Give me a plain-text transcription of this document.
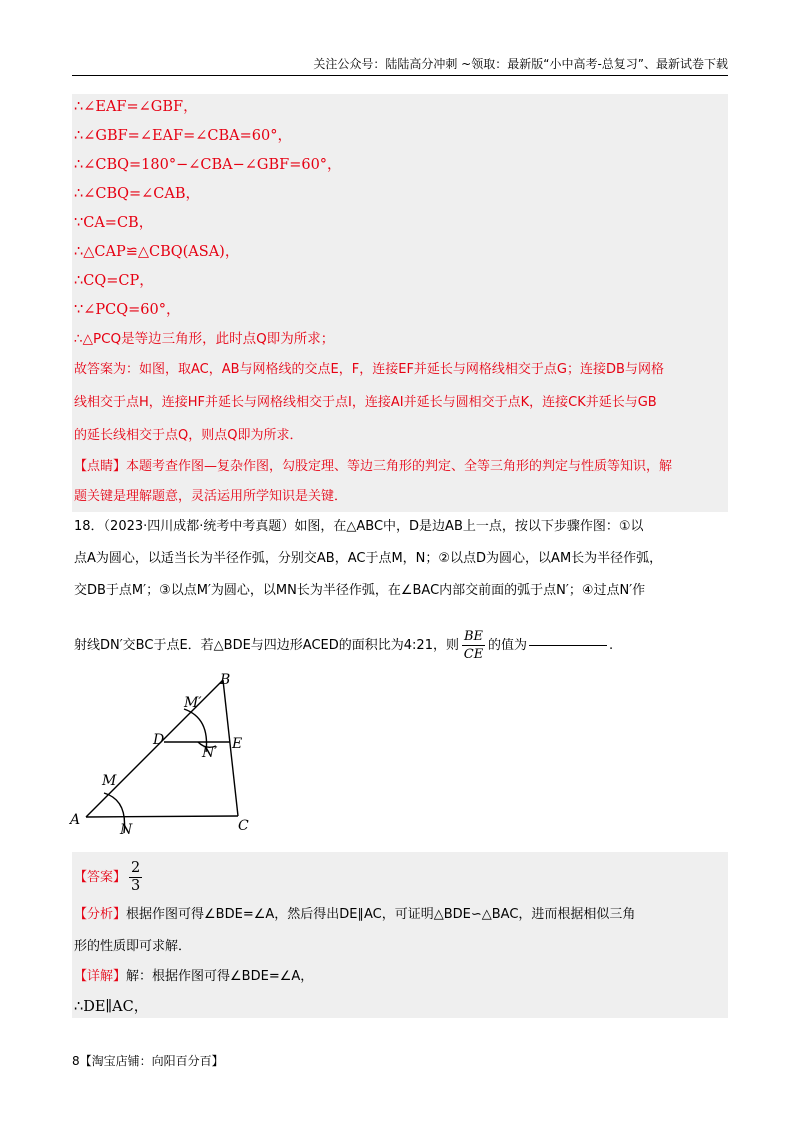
关注公众号：陆陆高分冲刺 ~领取：最新版“小中高考-总复习”、最新试卷下载
∴∠EAF=∠GBF，
∴∠GBF=∠EAF=∠CBA=60°，
∴∠CBQ=180°−∠CBA−∠GBF=60°，
∴∠CBQ=∠CAB，
∵CA=CB，
∴△CAP≌△CBQ(ASA)，
∴CQ=CP，
∵∠PCQ=60°，
∴△PCQ是等边三角形，此时点Q即为所求；
故答案为：如图，取AC，AB与网格线的交点E，F，连接EF并延长与网格线相交于点G；连接DB与网格
线相交于点H，连接HF并延长与网格线相交于点I，连接AI并延长与圆相交于点K，连接CK并延长与GB
的延长线相交于点Q，则点Q即为所求．
【点睛】本题考查作图—复杂作图，勾股定理、等边三角形的判定、全等三角形的判定与性质等知识，解
题关键是理解题意，灵活运用所学知识是关键．
18．（2023·四川成都·统考中考真题）如图，在△ABC中，D是边AB上一点，按以下步骤作图：①以
点A为圆心，以适当长为半径作弧，分别交AB，AC于点M，N；②以点D为圆心，以AM长为半径作弧，
交DB于点M′；③以点M′为圆心，以MN长为半径作弧，在∠BAC内部交前面的弧于点N′；④过点N′作
射线DN′交BC于点E．若△BDE与四边形ACED的面积比为4:21，则 $\frac{BE}{CE}$ 的值为	.
A
B
C
D	E
M
N
M′
N′
【答案】 $\frac{2}{3}$
【分析】根据作图可得∠BDE=∠A，然后得出DE∥AC，可证明△BDE∽△BAC，进而根据相似三角
形的性质即可求解．
【详解】解：根据作图可得∠BDE=∠A，
∴DE∥AC，
8【淘宝店铺：向阳百分百】
